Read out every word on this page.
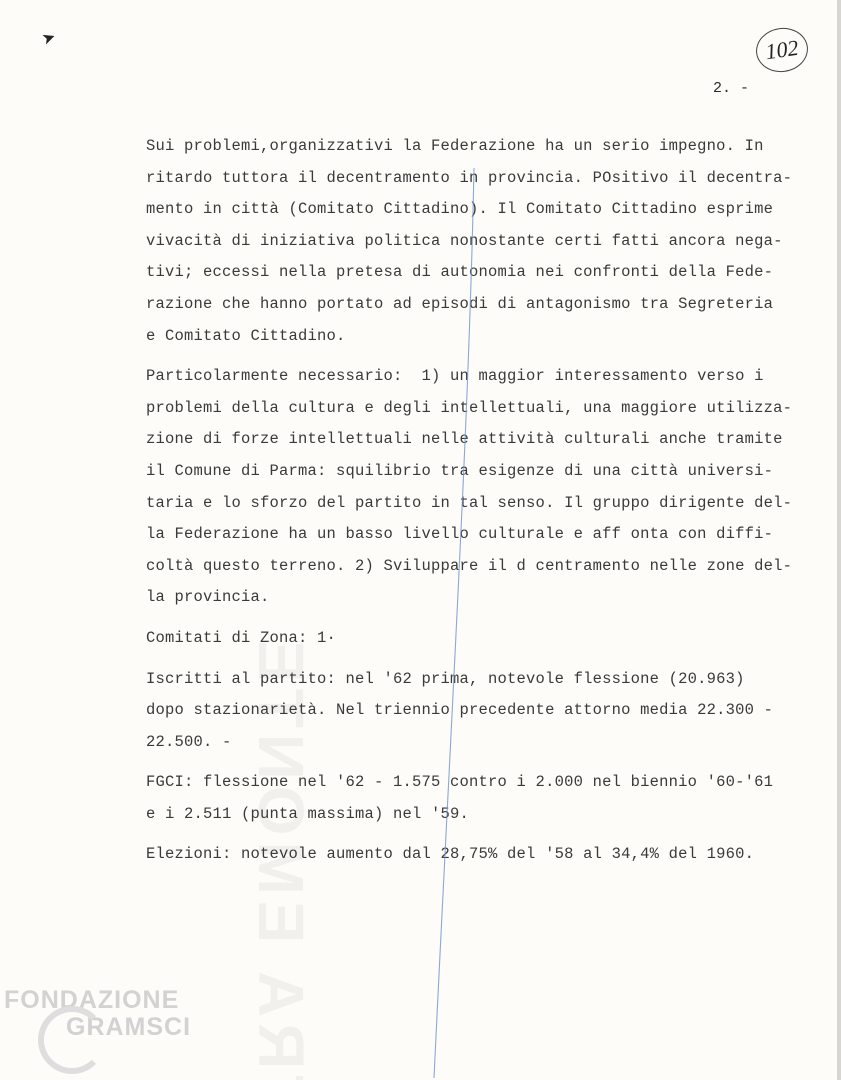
➤	102
2. -
Sui problemi,organizzativi la Federazione ha un serio impegno. In
ritardo tuttora il decentramento in provincia. POsitivo il decentra-
mento in città (Comitato Cittadino). Il Comitato Cittadino esprime
vivacità di iniziativa politica nonostante certi fatti ancora nega-
tivi; eccessi nella pretesa di autonomia nei confronti della Fede-
razione che hanno portato ad episodi di antagonismo tra Segreteria
e Comitato Cittadino.
Particolarmente necessario:  1) un maggior interessamento verso i
problemi della cultura e degli intellettuali, una maggiore utilizza-
zione di forze intellettuali nelle attività culturali anche tramite
il Comune di Parma: squilibrio tra esigenze di una città universi-
taria e lo sforzo del partito in tal senso. Il gruppo dirigente del-
la Federazione ha un basso livello culturale e aff onta con diffi-
coltà questo terreno. 2) Sviluppare il d centramento nelle zone del-
la provincia.
Comitati di Zona: 1·
Iscritti al partito: nel '62 prima, notevole flessione (20.963)
dopo stazionarietà. Nel triennio precedente attorno media 22.300 -
22.500. -
FGCI: flessione nel '62 - 1.575 contro i 2.000 nel biennio '60-'61
e i 2.511 (punta massima) nel '59.
Elezioni: notevole aumento dal 28,75% del '58 al 34,4% del 1960.
FONDAZIONE
GRAMSCI
